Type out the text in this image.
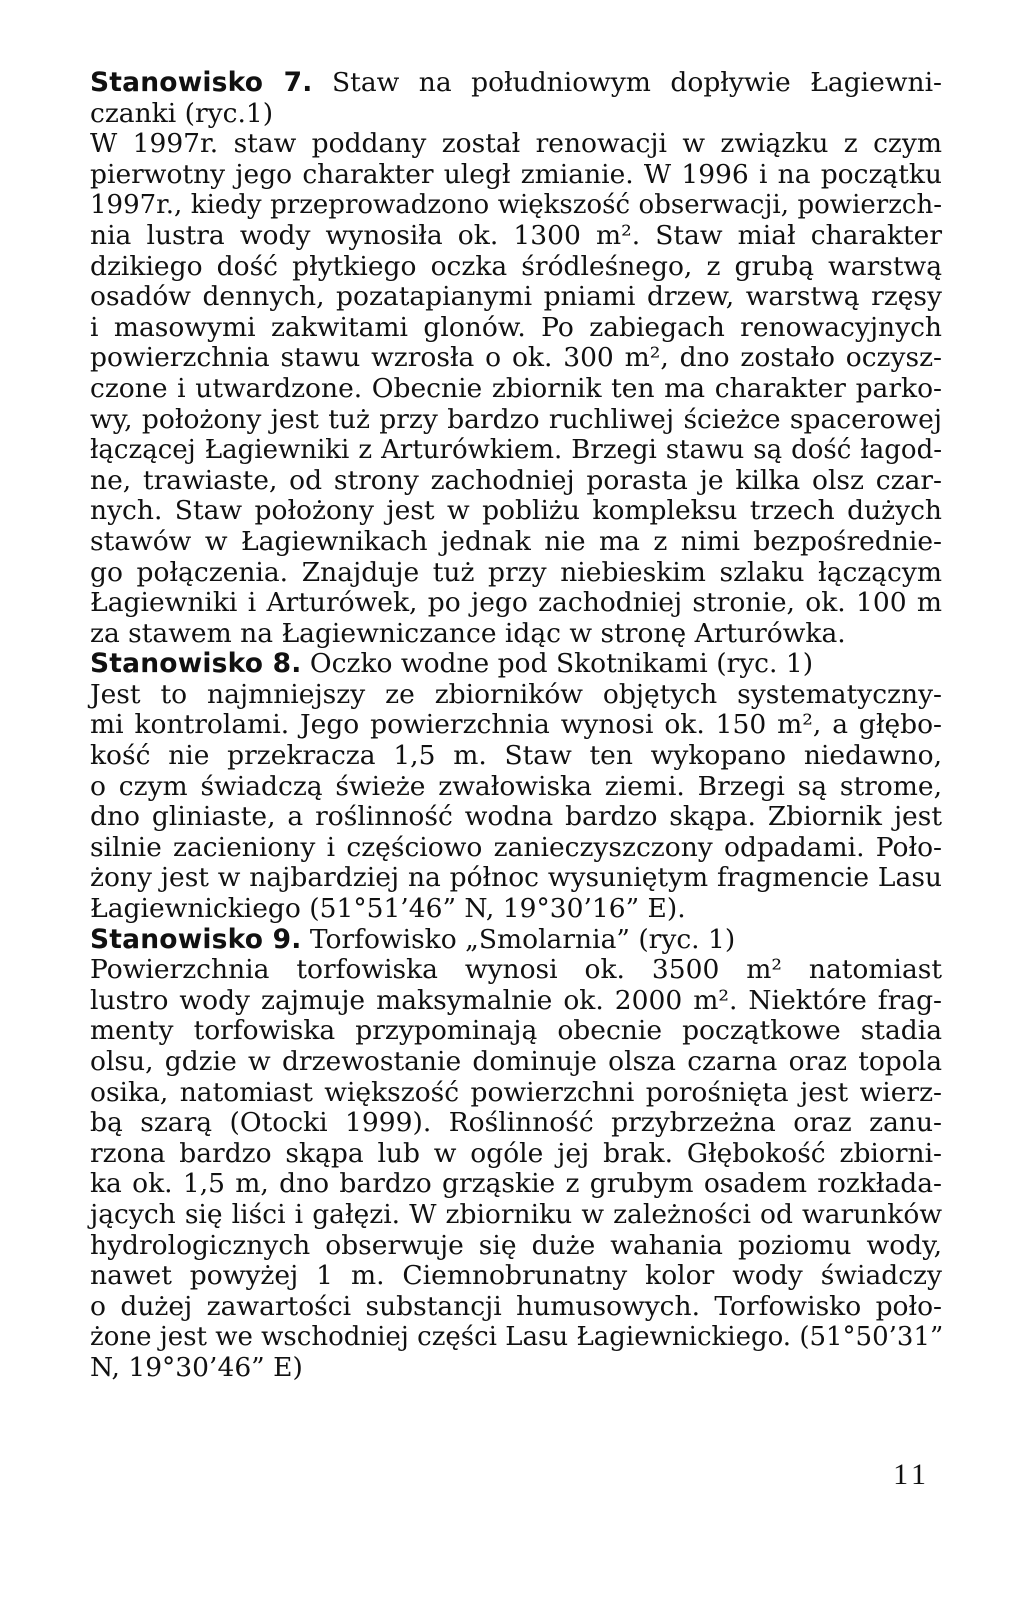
Stanowisko 7. Staw na południowym dopływie Łagiewni-
czanki (ryc.1)
W 1997r. staw poddany został renowacji w związku z czym
pierwotny jego charakter uległ zmianie. W 1996 i na początku
1997r., kiedy przeprowadzono większość obserwacji, powierzch-
nia lustra wody wynosiła ok. 1300 m². Staw miał charakter
dzikiego dość płytkiego oczka śródleśnego, z grubą warstwą
osadów dennych, pozatapianymi pniami drzew, warstwą rzęsy
i masowymi zakwitami glonów. Po zabiegach renowacyjnych
powierzchnia stawu wzrosła o ok. 300 m², dno zostało oczysz-
czone i utwardzone. Obecnie zbiornik ten ma charakter parko-
wy, położony jest tuż przy bardzo ruchliwej ścieżce spacerowej
łączącej Łagiewniki z Arturówkiem. Brzegi stawu są dość łagod-
ne, trawiaste, od strony zachodniej porasta je kilka olsz czar-
nych. Staw położony jest w pobliżu kompleksu trzech dużych
stawów w Łagiewnikach jednak nie ma z nimi bezpośrednie-
go połączenia. Znajduje tuż przy niebieskim szlaku łączącym
Łagiewniki i Arturówek, po jego zachodniej stronie, ok. 100 m
za stawem na Łagiewniczance idąc w stronę Arturówka.
Stanowisko 8. Oczko wodne pod Skotnikami (ryc. 1)
Jest to najmniejszy ze zbiorników objętych systematyczny-
mi kontrolami. Jego powierzchnia wynosi ok. 150 m², a głębo-
kość nie przekracza 1,5 m. Staw ten wykopano niedawno,
o czym świadczą świeże zwałowiska ziemi. Brzegi są strome,
dno gliniaste, a roślinność wodna bardzo skąpa. Zbiornik jest
silnie zacieniony i częściowo zanieczyszczony odpadami. Poło-
żony jest w najbardziej na północ wysuniętym fragmencie Lasu
Łagiewnickiego (51°51’46” N, 19°30’16” E).
Stanowisko 9. Torfowisko „Smolarnia” (ryc. 1)
Powierzchnia torfowiska wynosi ok. 3500 m² natomiast
lustro wody zajmuje maksymalnie ok. 2000 m². Niektóre frag-
menty torfowiska przypominają obecnie początkowe stadia
olsu, gdzie w drzewostanie dominuje olsza czarna oraz topola
osika, natomiast większość powierzchni porośnięta jest wierz-
bą szarą (Otocki 1999). Roślinność przybrzeżna oraz zanu-
rzona bardzo skąpa lub w ogóle jej brak. Głębokość zbiorni-
ka ok. 1,5 m, dno bardzo grząskie z grubym osadem rozkłada-
jących się liści i gałęzi. W zbiorniku w zależności od warunków
hydrologicznych obserwuje się duże wahania poziomu wody,
nawet powyżej 1 m. Ciemnobrunatny kolor wody świadczy
o dużej zawartości substancji humusowych. Torfowisko poło-
żone jest we wschodniej części Lasu Łagiewnickiego. (51°50’31”
N, 19°30’46” E)
11
